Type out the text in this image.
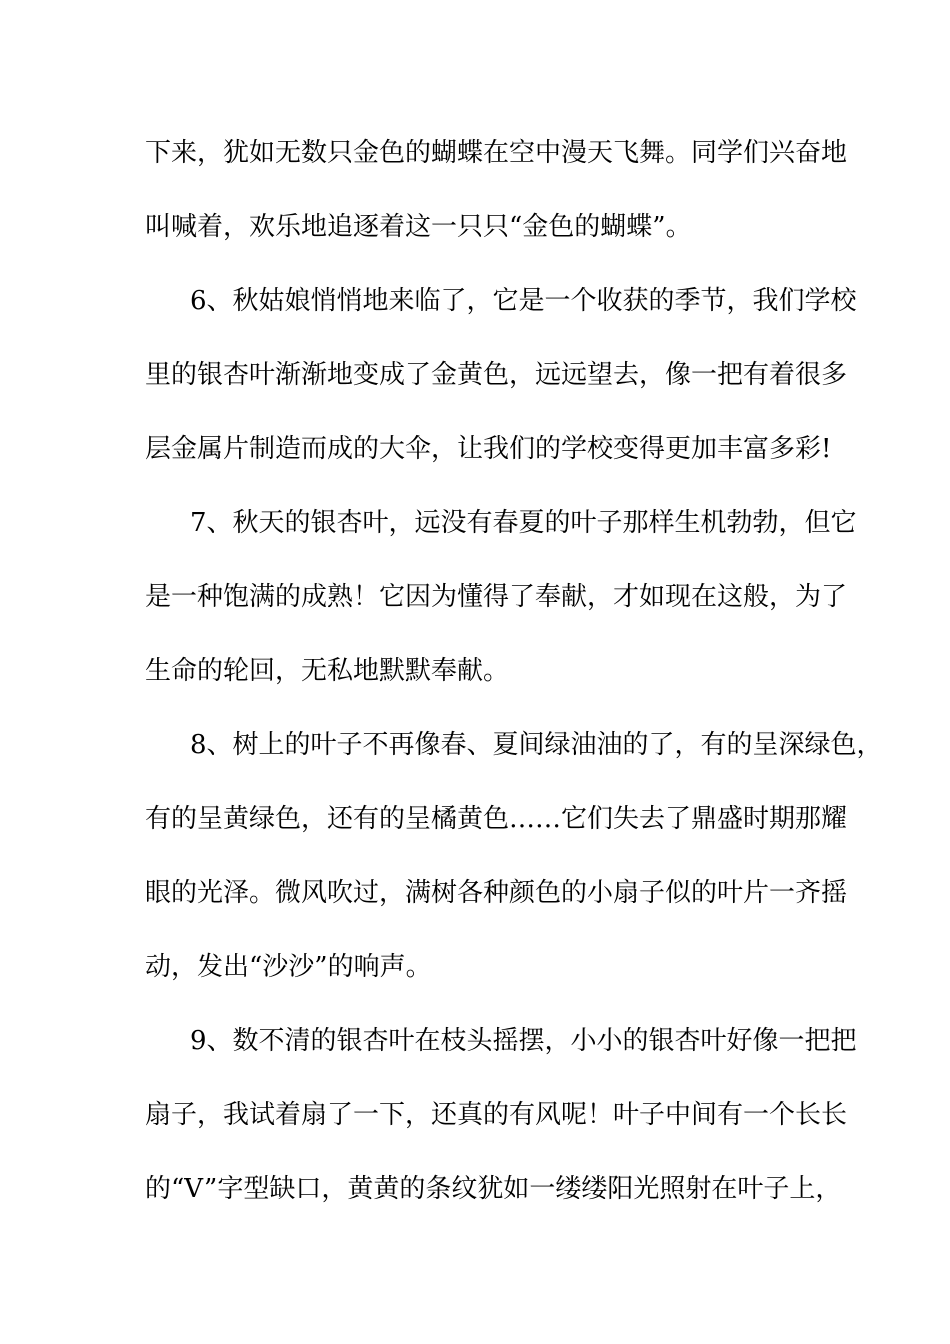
下来，犹如无数只金色的蝴蝶在空中漫天飞舞。同学们兴奋地
叫喊着，欢乐地追逐着这一只只“金色的蝴蝶”。
6、秋姑娘悄悄地来临了，它是一个收获的季节，我们学校
里的银杏叶渐渐地变成了金黄色，远远望去，像一把有着很多
层金属片制造而成的大伞，让我们的学校变得更加丰富多彩!
7、秋天的银杏叶，远没有春夏的叶子那样生机勃勃，但它
是一种饱满的成熟！它因为懂得了奉献，才如现在这般，为了
生命的轮回，无私地默默奉献。
8、树上的叶子不再像春、夏间绿油油的了，有的呈深绿色，
有的呈黄绿色，还有的呈橘黄色……它们失去了鼎盛时期那耀
眼的光泽。微风吹过，满树各种颜色的小扇子似的叶片一齐摇
动，发出“沙沙”的响声。
9、数不清的银杏叶在枝头摇摆，小小的银杏叶好像一把把
扇子，我试着扇了一下，还真的有风呢！叶子中间有一个长长
的“V”字型缺口，黄黄的条纹犹如一缕缕阳光照射在叶子上，
